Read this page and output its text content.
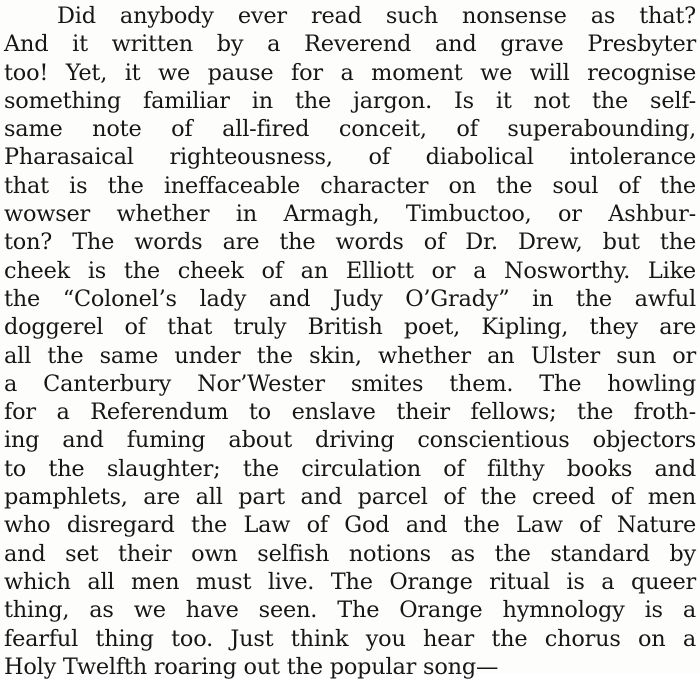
Did anybody ever read such nonsense as that?
And it written by a Reverend and grave Presbyter
too! Yet, it we pause for a moment we will recognise
something familiar in the jargon. Is it not the self-
same note of all-fired conceit, of superabounding,
Pharasaical righteousness, of diabolical intolerance
that is the ineffaceable character on the soul of the
wowser whether in Armagh, Timbuctoo, or Ashbur-
ton? The words are the words of Dr. Drew, but the
cheek is the cheek of an Elliott or a Nosworthy. Like
the “Colonel’s lady and Judy O’Grady” in the awful
doggerel of that truly British poet, Kipling, they are
all the same under the skin, whether an Ulster sun or
a Canterbury Nor’Wester smites them. The howling
for a Referendum to enslave their fellows; the froth-
ing and fuming about driving conscientious objectors
to the slaughter; the circulation of filthy books and
pamphlets, are all part and parcel of the creed of men
who disregard the Law of God and the Law of Nature
and set their own selfish notions as the standard by
which all men must live. The Orange ritual is a queer
thing, as we have seen. The Orange hymnology is a
fearful thing too. Just think you hear the chorus on a
Holy Twelfth roaring out the popular song—
